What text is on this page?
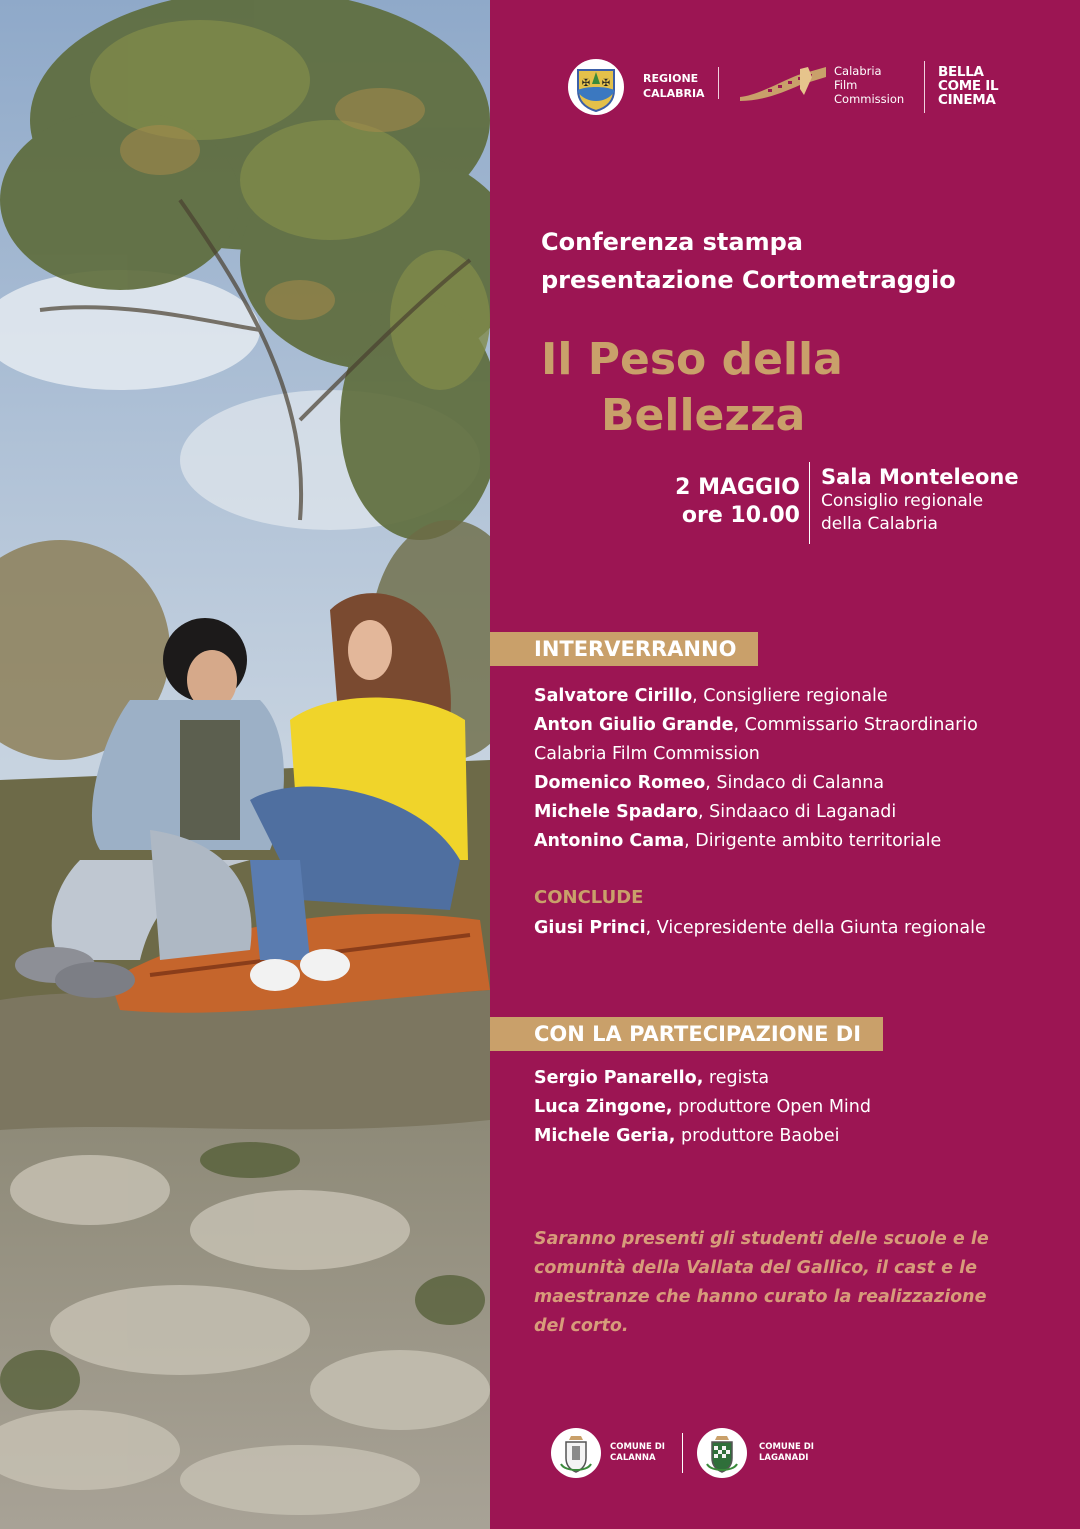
✠ ✠	REGIONE
CALABRIA
Calabria
Film
Commission
BELLA
COME IL
CINEMA
Conferenza stampa
presentazione Cortometraggio
Il Peso della
Bellezza
2 MAGGIO
ore 10.00
Sala Monteleone
Consiglio regionale
della Calabria
INTERVERRANNO
Salvatore Cirillo, Consigliere regionale
Anton Giulio Grande, Commissario Straordinario
Calabria Film Commission
Domenico Romeo, Sindaco di Calanna
Michele Spadaro, Sindaaco di Laganadi
Antonino Cama, Dirigente ambito territoriale
CONCLUDE
Giusi Princi, Vicepresidente della Giunta regionale
CON LA PARTECIPAZIONE DI
Sergio Panarello, regista
Luca Zingone, produttore Open Mind
Michele Geria, produttore Baobei
Saranno presenti gli studenti delle scuole e le
comunità della Vallata del Gallico, il cast e le
maestranze che hanno curato la realizzazione
del corto.
COMUNE DI
CALANNA
COMUNE DI
LAGANADI
